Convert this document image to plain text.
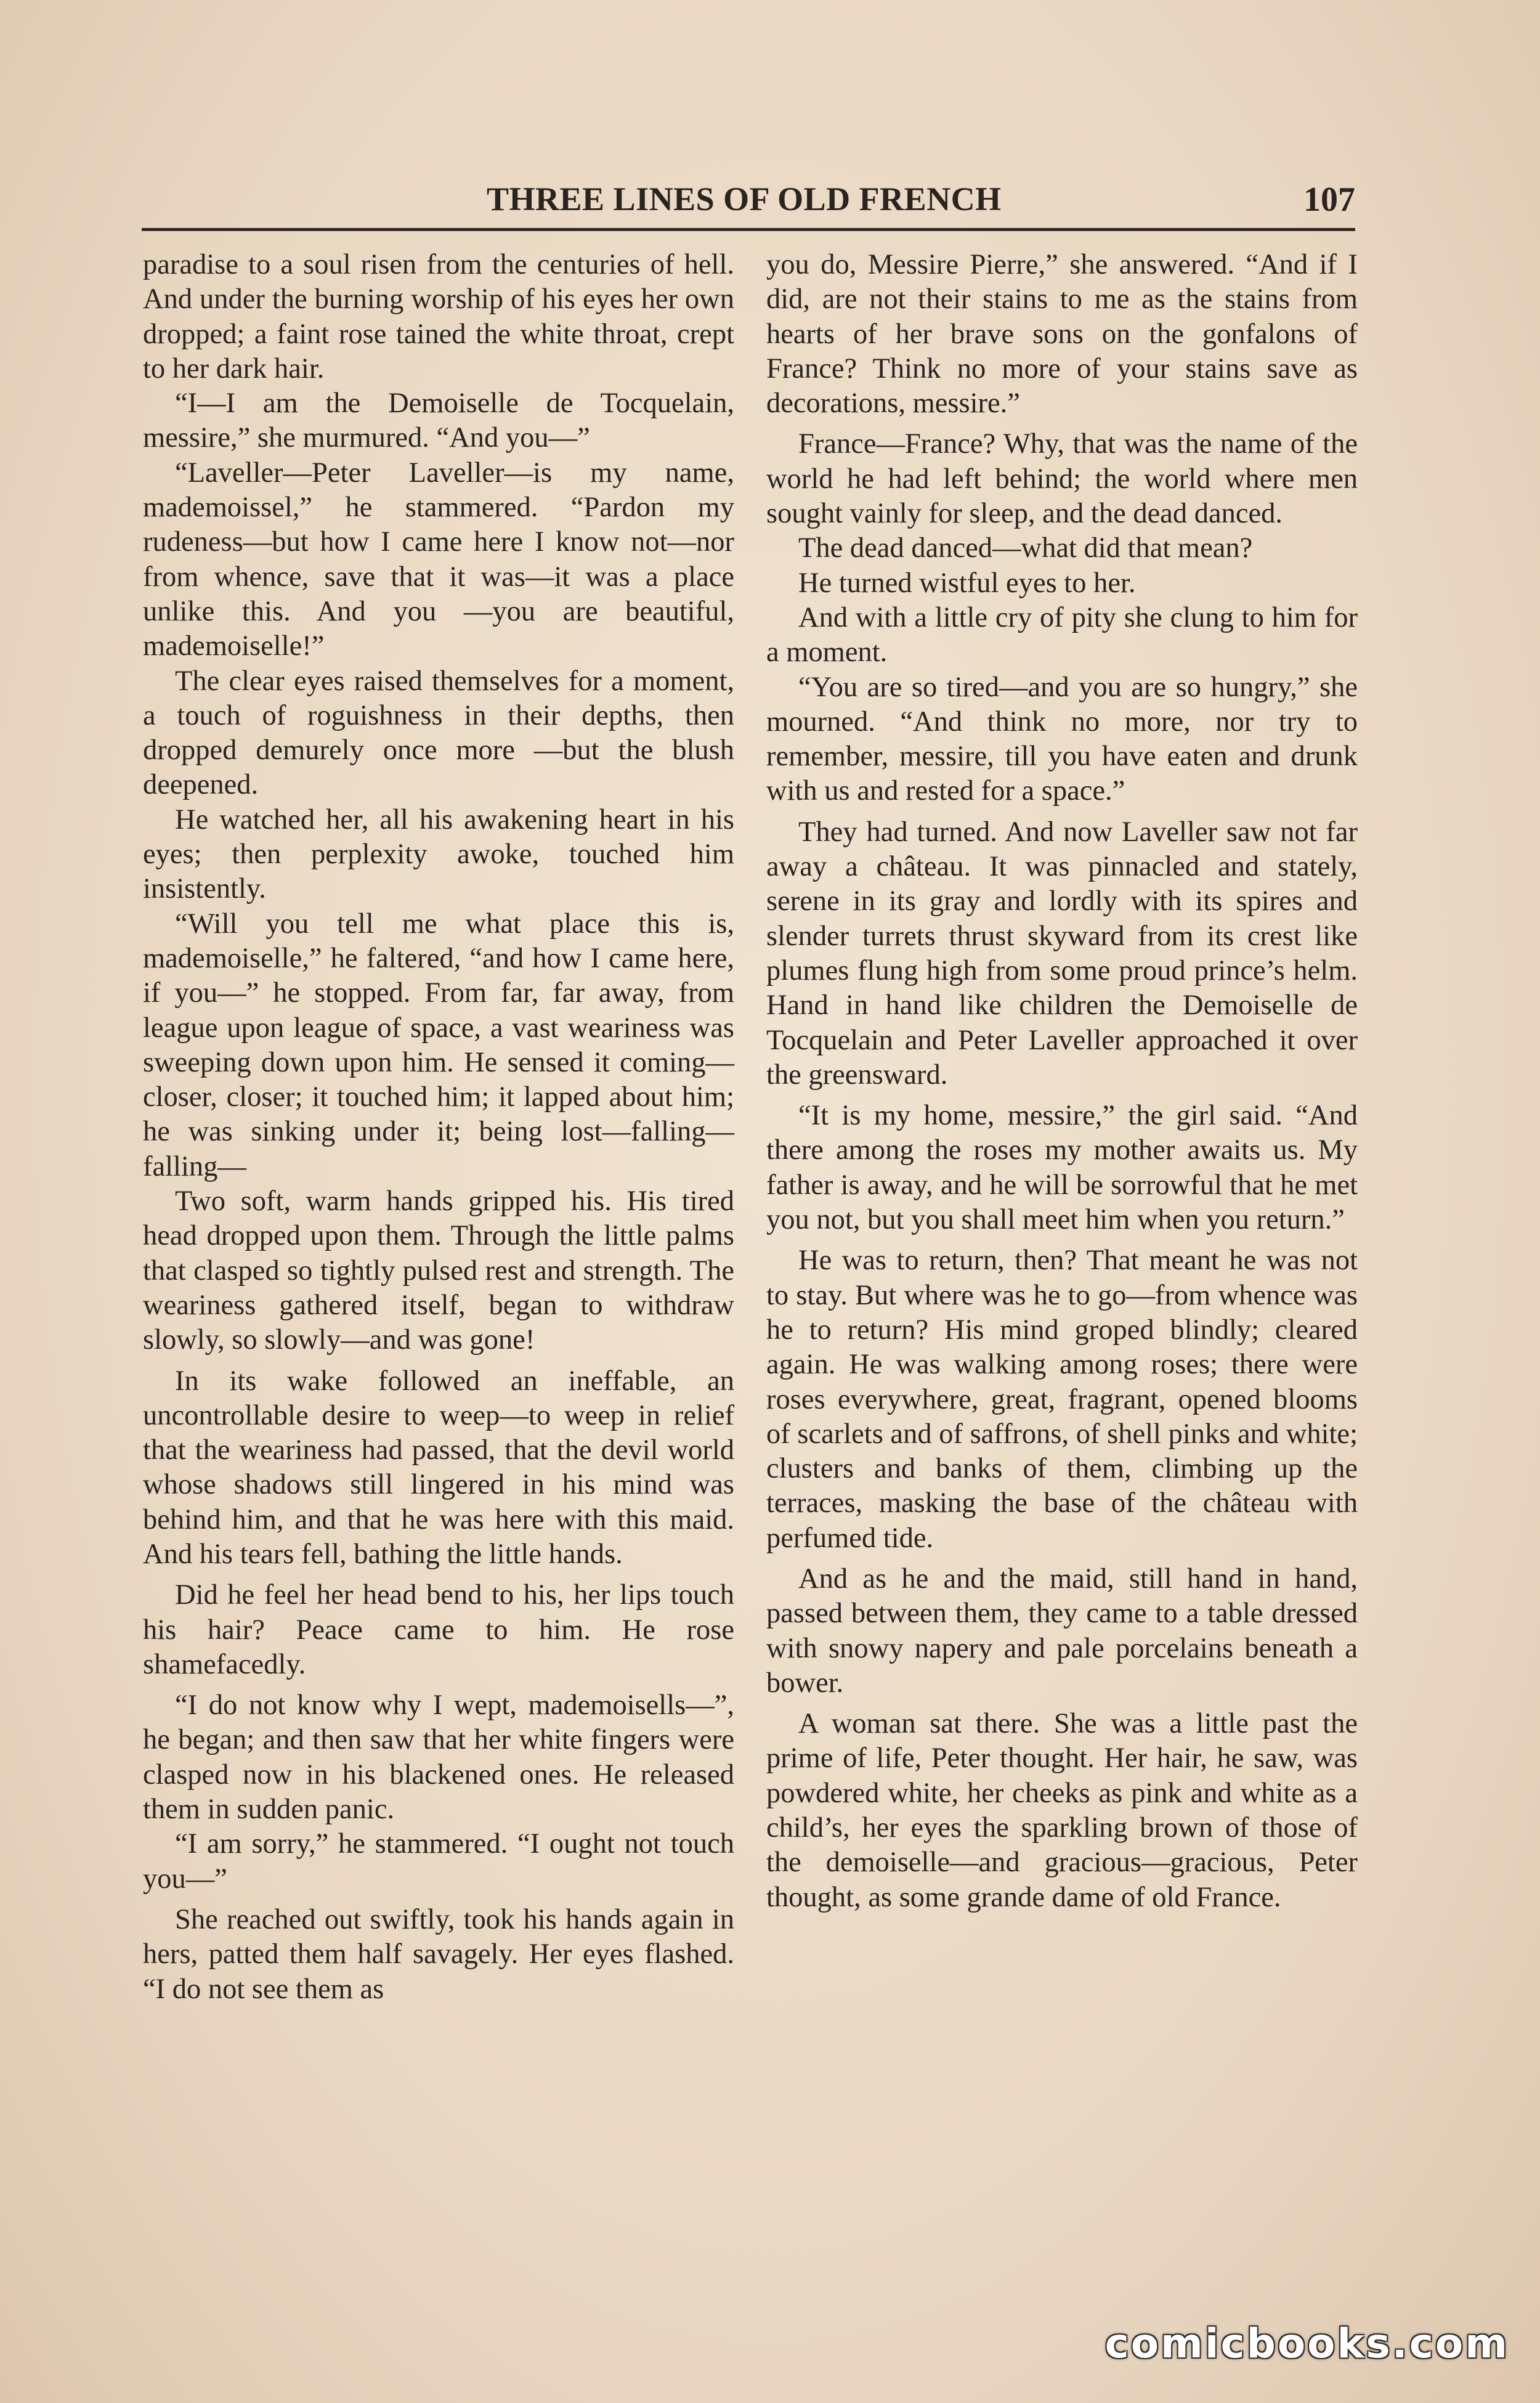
THREE LINES OF OLD FRENCH	107

paradise to a soul risen from the centuries of hell. And under the burning worship of his eyes her own dropped; a faint rose tained the white throat, crept to her dark hair.

“I—I am the Demoiselle de Tocquelain, messire,” she murmured. “And you—”

“Laveller—Peter Laveller—is my name, mademoissel,” he stammered. “Pardon my rudeness—but how I came here I know not—nor from whence, save that it was—it was a place unlike this. And you —you are beautiful, mademoiselle!”

The clear eyes raised themselves for a moment, a touch of roguishness in their depths, then dropped demurely once more —but the blush deepened.

He watched her, all his awakening heart in his eyes; then perplexity awoke, touched him insistently.

“Will you tell me what place this is, mademoiselle,” he faltered, “and how I came here, if you—” he stopped. From far, far away, from league upon league of space, a vast weariness was sweeping down upon him. He sensed it coming— closer, closer; it touched him; it lapped about him; he was sinking under it; being lost—falling—falling—

Two soft, warm hands gripped his. His tired head dropped upon them. Through the little palms that clasped so tightly pulsed rest and strength. The weariness gathered itself, began to withdraw slowly, so slowly—and was gone!

In its wake followed an ineffable, an uncontrollable desire to weep—to weep in relief that the weariness had passed, that the devil world whose shadows still lingered in his mind was behind him, and that he was here with this maid. And his tears fell, bathing the little hands.

Did he feel her head bend to his, her lips touch his hair? Peace came to him. He rose shamefacedly.

“I do not know why I wept, mademoisells—”, he began; and then saw that her white fingers were clasped now in his blackened ones. He released them in sudden panic.

“I am sorry,” he stammered. “I ought not touch you—”

She reached out swiftly, took his hands again in hers, patted them half savagely. Her eyes flashed. “I do not see them as

you do, Messire Pierre,” she answered. “And if I did, are not their stains to me as the stains from hearts of her brave sons on the gonfalons of France? Think no more of your stains save as decorations, messire.”

France—France? Why, that was the name of the world he had left behind; the world where men sought vainly for sleep, and the dead danced.

The dead danced—what did that mean?

He turned wistful eyes to her.

And with a little cry of pity she clung to him for a moment.

“You are so tired—and you are so hungry,” she mourned. “And think no more, nor try to remember, messire, till you have eaten and drunk with us and rested for a space.”

They had turned. And now Laveller saw not far away a château. It was pinnacled and stately, serene in its gray and lordly with its spires and slender turrets thrust skyward from its crest like plumes flung high from some proud prince’s helm. Hand in hand like children the Demoiselle de Tocquelain and Peter Laveller approached it over the greensward.

“It is my home, messire,” the girl said. “And there among the roses my mother awaits us. My father is away, and he will be sorrowful that he met you not, but you shall meet him when you return.”

He was to return, then? That meant he was not to stay. But where was he to go—from whence was he to return? His mind groped blindly; cleared again. He was walking among roses; there were roses everywhere, great, fragrant, opened blooms of scarlets and of saffrons, of shell pinks and white; clusters and banks of them, climbing up the terraces, masking the base of the château with perfumed tide.

And as he and the maid, still hand in hand, passed between them, they came to a table dressed with snowy napery and pale porcelains beneath a bower.

A woman sat there. She was a little past the prime of life, Peter thought. Her hair, he saw, was powdered white, her cheeks as pink and white as a child’s, her eyes the sparkling brown of those of the demoiselle—and gracious—gracious, Peter thought, as some grande dame of old France.

comicbooks.com
